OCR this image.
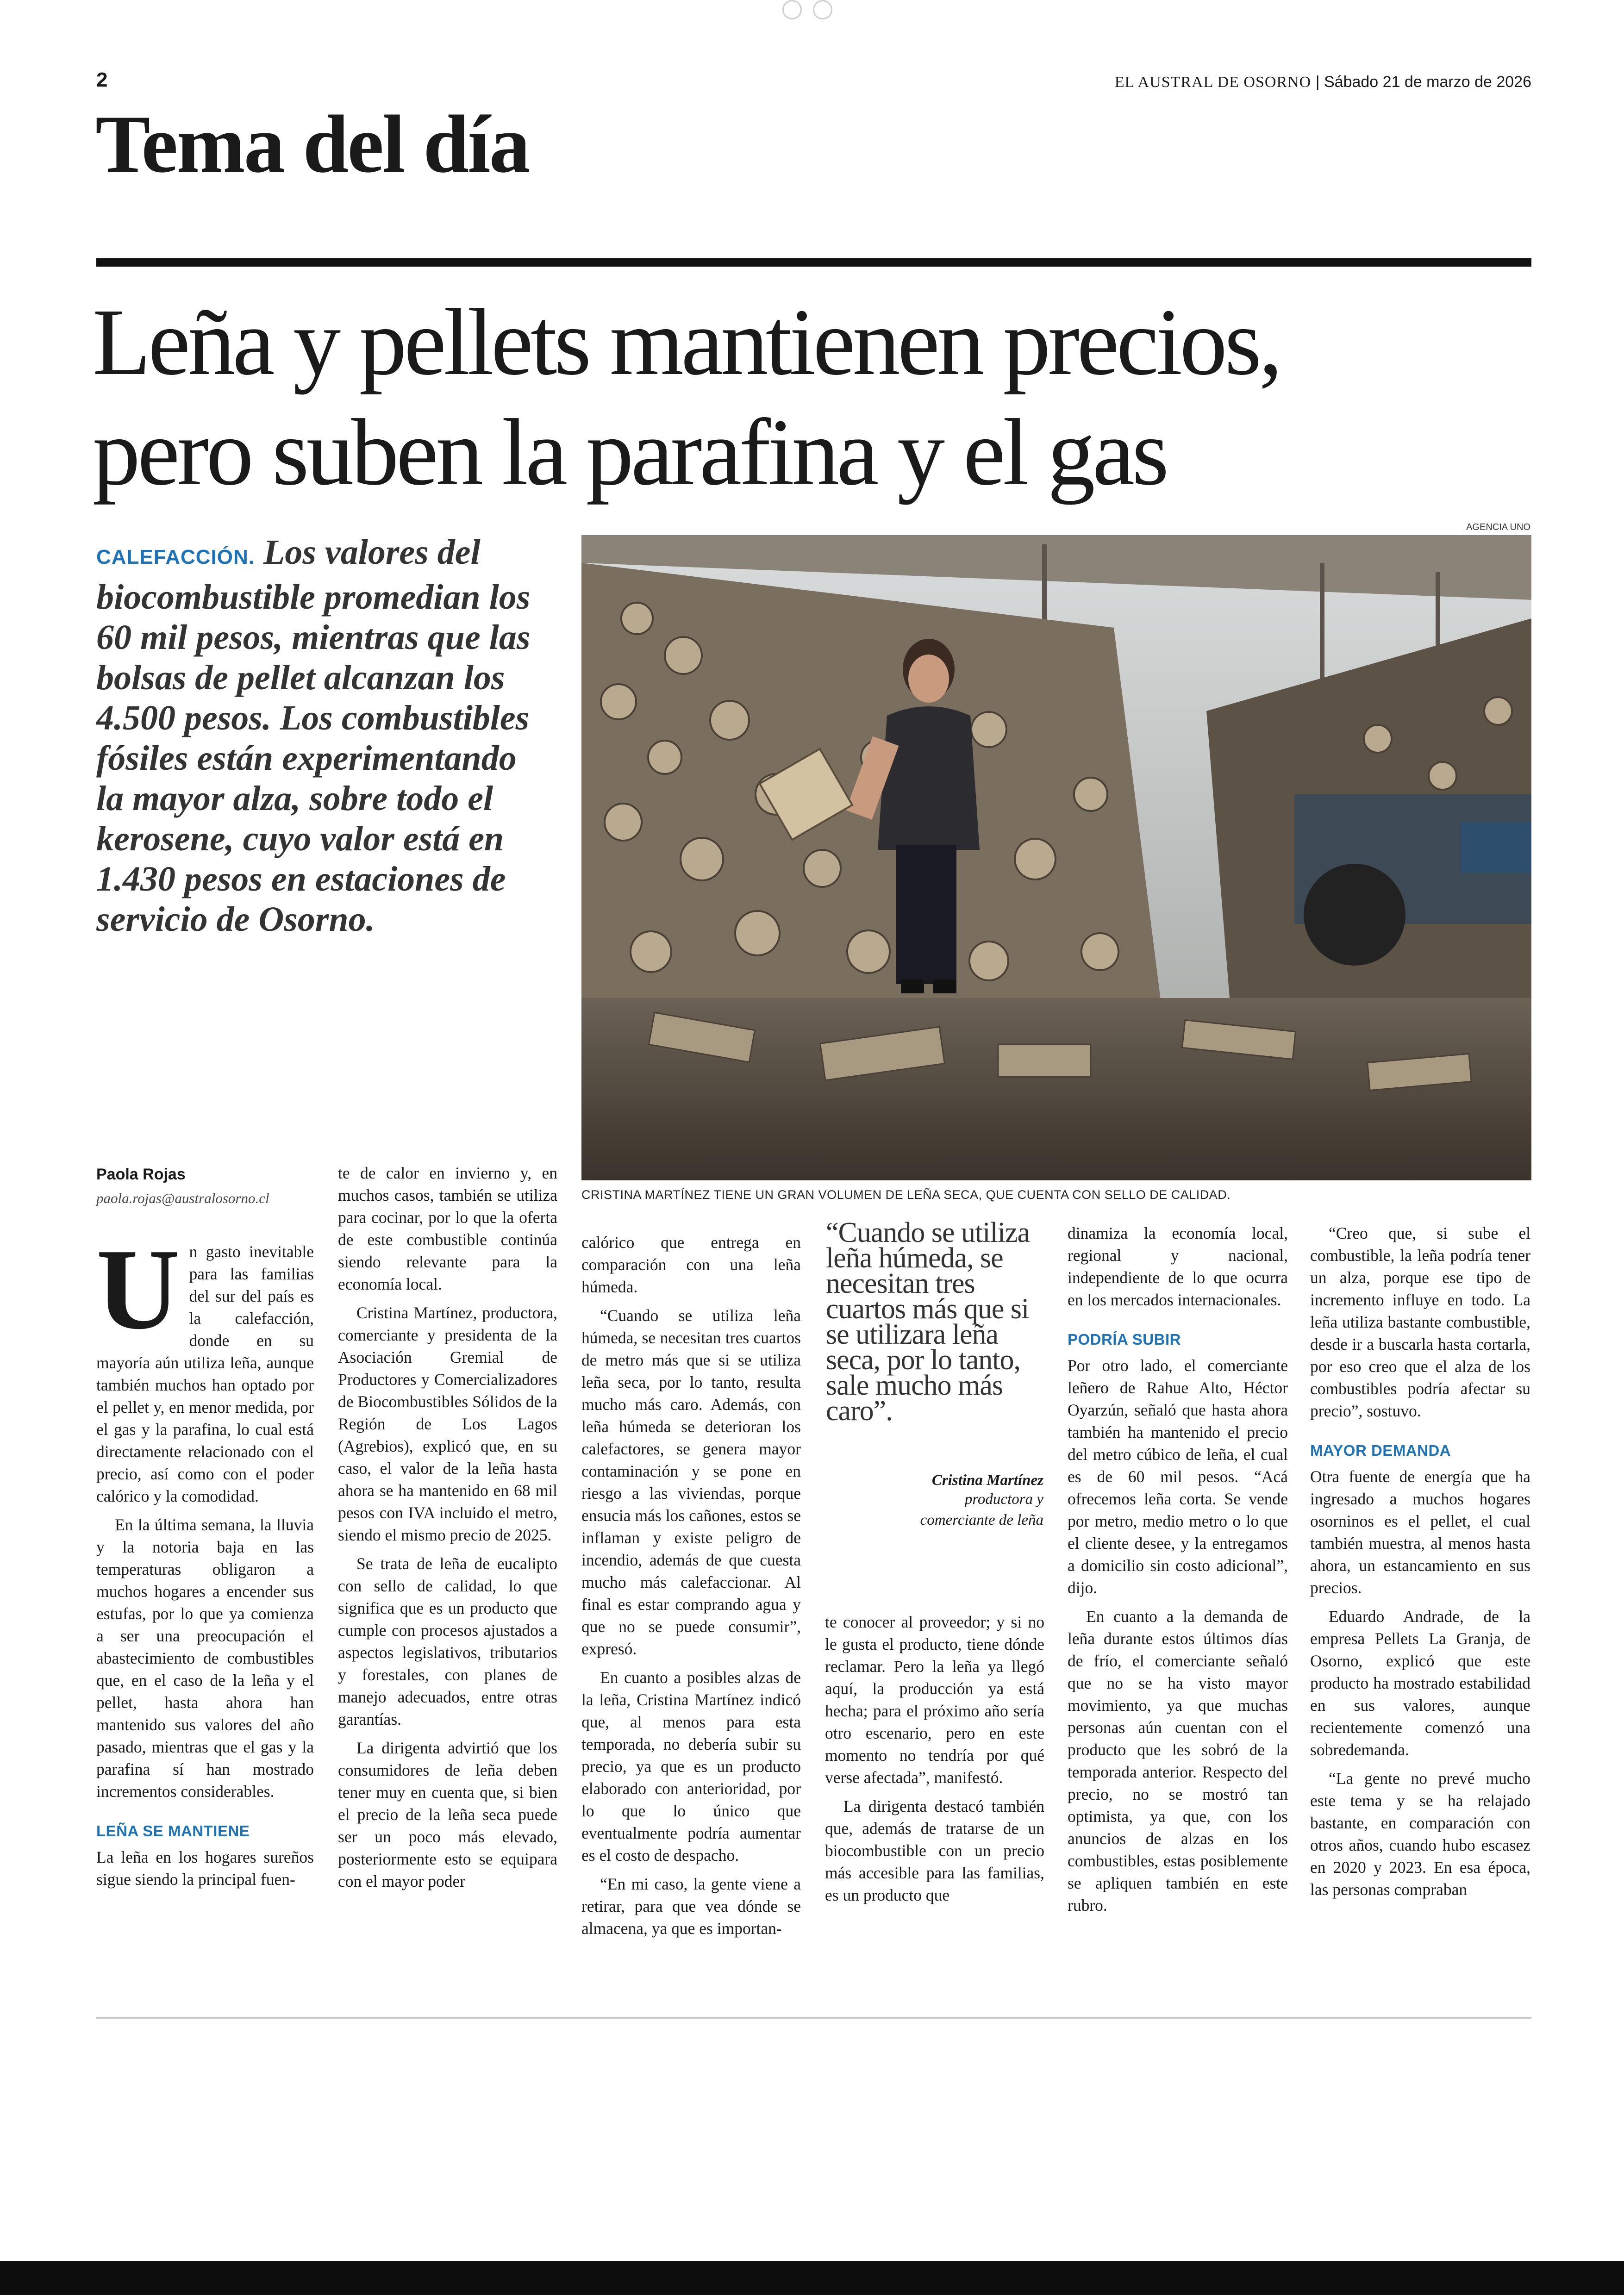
2	EL AUSTRAL DE OSORNO | Sábado 21 de marzo de 2026
Tema del día
Leña y pellets mantienen precios,
pero suben la parafina y el gas
CALEFACCIÓN. Los valores del biocombustible promedian los 60 mil pesos, mientras que las bolsas de pellet alcanzan los 4.500 pesos. Los combustibles fósiles están experimentando la mayor alza, sobre todo el kerosene, cuyo valor está en 1.430 pesos en estaciones de servicio de Osorno.
AGENCIA UNO
CRISTINA MARTÍNEZ TIENE UN GRAN VOLUMEN DE LEÑA SECA, QUE CUENTA CON SELLO DE CALIDAD.
Paola Rojas
paola.rojas@australosorno.cl
U n gasto inevitable para las familias del sur del país es la calefacción, donde en su mayoría aún utiliza leña, aunque también muchos han optado por el pellet y, en menor medida, por el gas y la parafina, lo cual está directamente relacionado con el precio, así como con el poder calórico y la comodidad.

En la última semana, la lluvia y la notoria baja en las temperaturas obligaron a muchos hogares a encender sus estufas, por lo que ya comienza a ser una preocupación el abastecimiento de combustibles que, en el caso de la leña y el pellet, hasta ahora han mantenido sus valores del año pasado, mientras que el gas y la parafina sí han mostrado incrementos considerables.

LEÑA SE MANTIENE

La leña en los hogares sureños sigue siendo la principal fuen-

te de calor en invierno y, en muchos casos, también se utiliza para cocinar, por lo que la oferta de este combustible continúa siendo relevante para la economía local.

Cristina Martínez, productora, comerciante y presidenta de la Asociación Gremial de Productores y Comercializadores de Biocombustibles Sólidos de la Región de Los Lagos (Agrebios), explicó que, en su caso, el valor de la leña hasta ahora se ha mantenido en 68 mil pesos con IVA incluido el metro, siendo el mismo precio de 2025.

Se trata de leña de eucalipto con sello de calidad, lo que significa que es un producto que cumple con procesos ajustados a aspectos legislativos, tributarios y forestales, con planes de manejo adecuados, entre otras garantías.

La dirigenta advirtió que los consumidores de leña deben tener muy en cuenta que, si bien el precio de la leña seca puede ser un poco más elevado, posteriormente esto se equipara con el mayor poder

calórico que entrega en comparación con una leña húmeda.

“Cuando se utiliza leña húmeda, se necesitan tres cuartos de metro más que si se utiliza leña seca, por lo tanto, resulta mucho más caro. Además, con leña húmeda se deterioran los calefactores, se genera mayor contaminación y se pone en riesgo a las viviendas, porque ensucia más los cañones, estos se inflaman y existe peligro de incendio, además de que cuesta mucho más calefaccionar. Al final es estar comprando agua y que no se puede consumir”, expresó.

En cuanto a posibles alzas de la leña, Cristina Martínez indicó que, al menos para esta temporada, no debería subir su precio, ya que es un producto elaborado con anterioridad, por lo que lo único que eventualmente podría aumentar es el costo de despacho.

“En mi caso, la gente viene a retirar, para que vea dónde se almacena, ya que es importan-

“Cuando se utiliza leña húmeda, se necesitan tres cuartos más que si se utilizara leña seca, por lo tanto, sale mucho más caro”.
Cristina Martínez
productora y
comerciante de leña

te conocer al proveedor; y si no le gusta el producto, tiene dónde reclamar. Pero la leña ya llegó aquí, la producción ya está hecha; para el próximo año sería otro escenario, pero en este momento no tendría por qué verse afectada”, manifestó.

La dirigenta destacó también que, además de tratarse de un biocombustible con un precio más accesible para las familias, es un producto que

dinamiza la economía local, regional y nacional, independiente de lo que ocurra en los mercados internacionales.

PODRÍA SUBIR

Por otro lado, el comerciante leñero de Rahue Alto, Héctor Oyarzún, señaló que hasta ahora también ha mantenido el precio del metro cúbico de leña, el cual es de 60 mil pesos. “Acá ofrecemos leña corta. Se vende por metro, medio metro o lo que el cliente desee, y la entregamos a domicilio sin costo adicional”, dijo.

En cuanto a la demanda de leña durante estos últimos días de frío, el comerciante señaló que no se ha visto mayor movimiento, ya que muchas personas aún cuentan con el producto que les sobró de la temporada anterior. Respecto del precio, no se mostró tan optimista, ya que, con los anuncios de alzas en los combustibles, estas posiblemente se apliquen también en este rubro.

“Creo que, si sube el combustible, la leña podría tener un alza, porque ese tipo de incremento influye en todo. La leña utiliza bastante combustible, desde ir a buscarla hasta cortarla, por eso creo que el alza de los combustibles podría afectar su precio”, sostuvo.

MAYOR DEMANDA

Otra fuente de energía que ha ingresado a muchos hogares osorninos es el pellet, el cual también muestra, al menos hasta ahora, un estancamiento en sus precios.

Eduardo Andrade, de la empresa Pellets La Granja, de Osorno, explicó que este producto ha mostrado estabilidad en sus valores, aunque recientemente comenzó una sobredemanda.

“La gente no prevé mucho este tema y se ha relajado bastante, en comparación con otros años, cuando hubo escasez en 2020 y 2023. En esa época, las personas compraban
